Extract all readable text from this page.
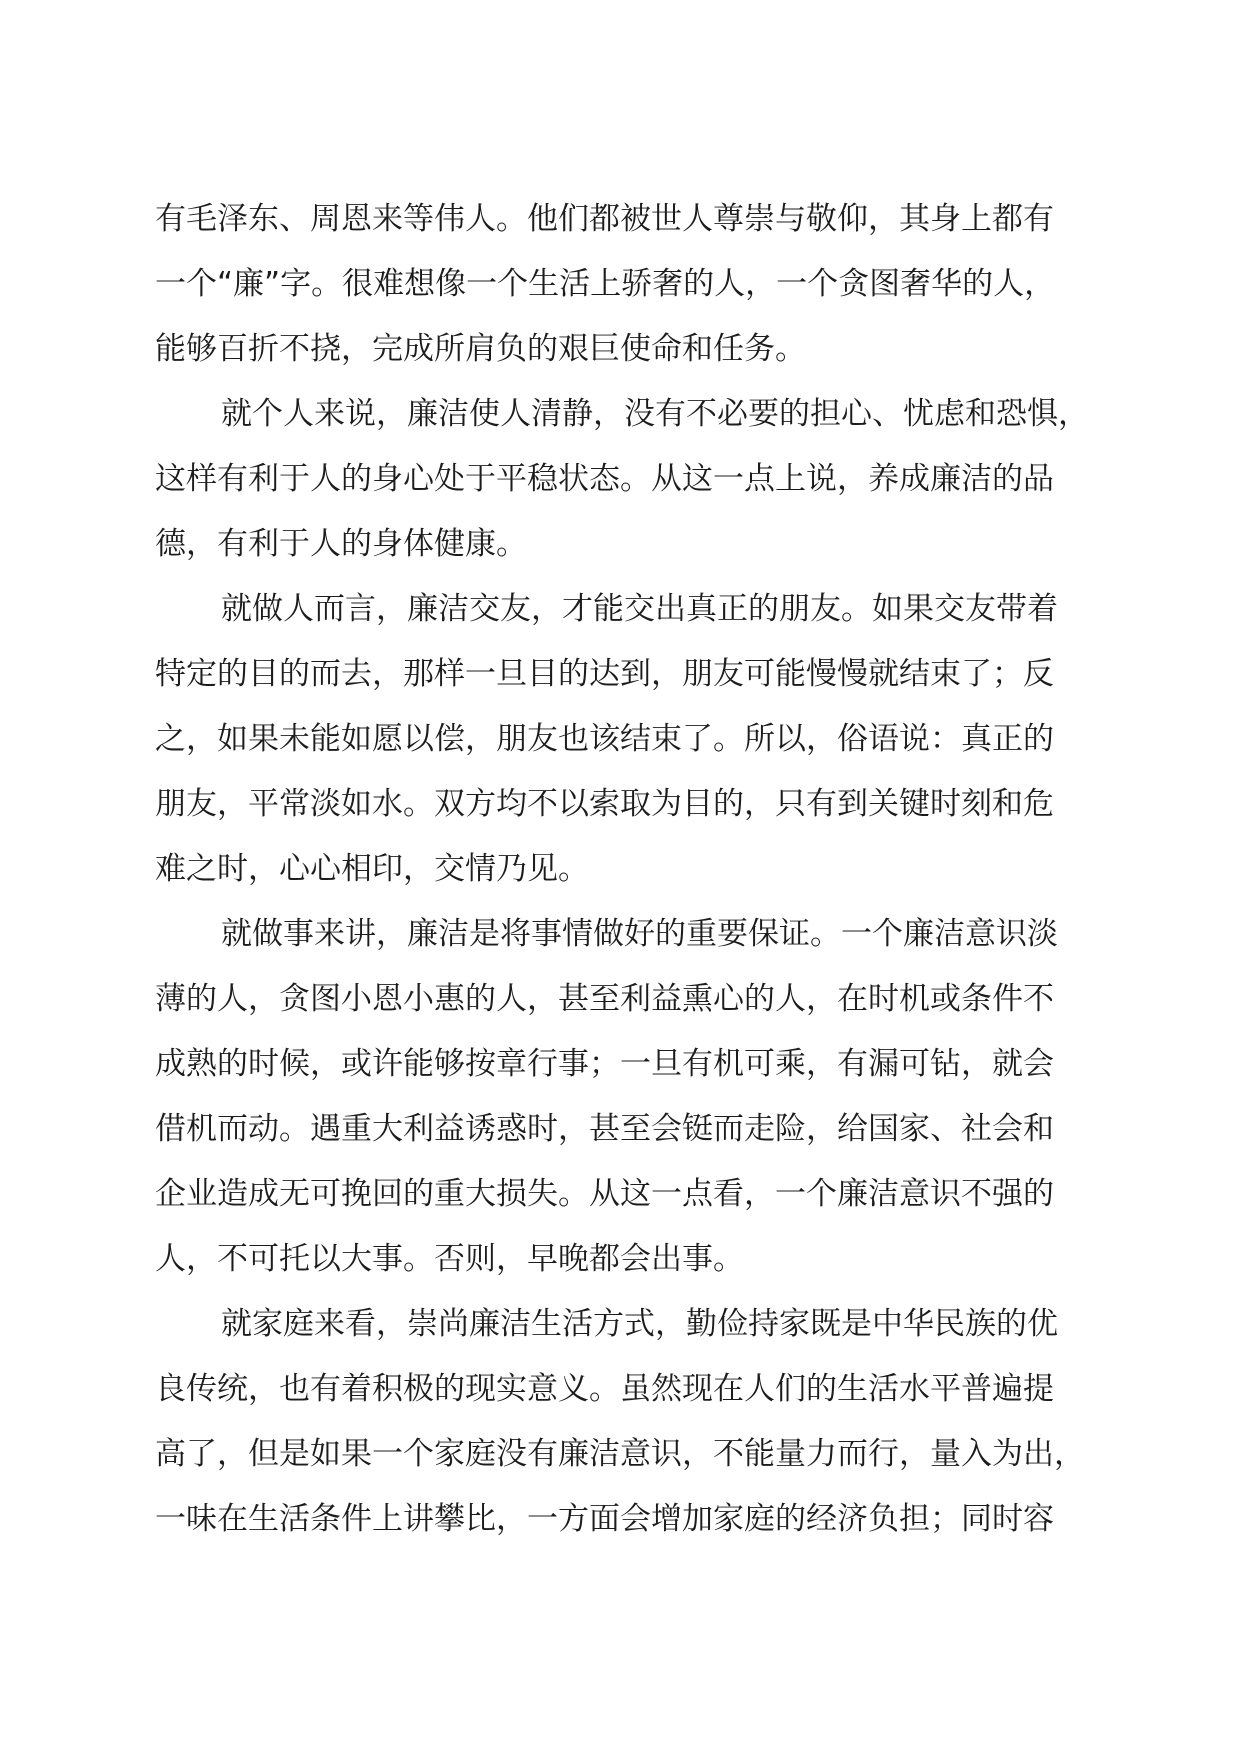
有毛泽东、周恩来等伟人。他们都被世人尊崇与敬仰，其身上都有
一个“廉”字。很难想像一个生活上骄奢的人，一个贪图奢华的人，
能够百折不挠，完成所肩负的艰巨使命和任务。

就个人来说，廉洁使人清静，没有不必要的担心、忧虑和恐惧，
这样有利于人的身心处于平稳状态。从这一点上说，养成廉洁的品
德，有利于人的身体健康。

就做人而言，廉洁交友，才能交出真正的朋友。如果交友带着
特定的目的而去，那样一旦目的达到，朋友可能慢慢就结束了；反
之，如果未能如愿以偿，朋友也该结束了。所以，俗语说：真正的
朋友，平常淡如水。双方均不以索取为目的，只有到关键时刻和危
难之时，心心相印，交情乃见。

就做事来讲，廉洁是将事情做好的重要保证。一个廉洁意识淡
薄的人，贪图小恩小惠的人，甚至利益熏心的人，在时机或条件不
成熟的时候，或许能够按章行事；一旦有机可乘，有漏可钻，就会
借机而动。遇重大利益诱惑时，甚至会铤而走险，给国家、社会和
企业造成无可挽回的重大损失。从这一点看，一个廉洁意识不强的
人，不可托以大事。否则，早晚都会出事。

就家庭来看，崇尚廉洁生活方式，勤俭持家既是中华民族的优
良传统，也有着积极的现实意义。虽然现在人们的生活水平普遍提
高了，但是如果一个家庭没有廉洁意识，不能量力而行，量入为出，
一味在生活条件上讲攀比，一方面会增加家庭的经济负担；同时容
